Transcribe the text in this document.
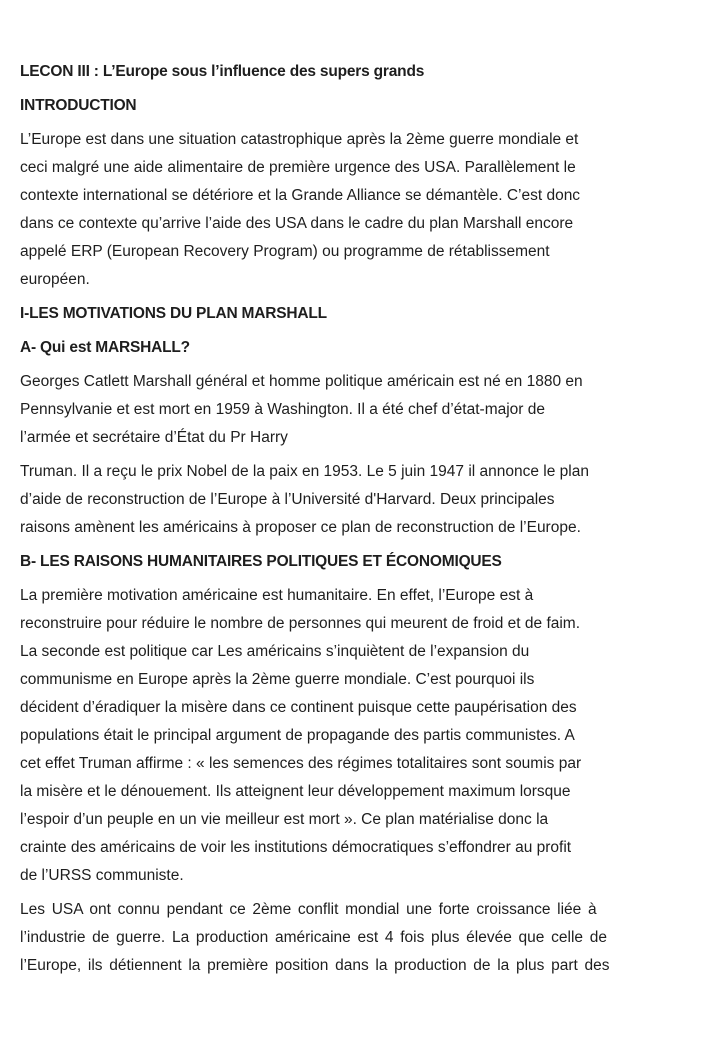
LECON III : L’Europe sous l’influence des supers grands
INTRODUCTION

L’Europe est dans une situation catastrophique après la 2ème guerre mondiale et
ceci malgré une aide alimentaire de première urgence des USA. Parallèlement le
contexte international se détériore et la Grande Alliance se démantèle. C’est donc
dans ce contexte qu’arrive l’aide des USA dans le cadre du plan Marshall encore
appelé ERP (European Recovery Program) ou programme de rétablissement
européen.

I-LES MOTIVATIONS DU PLAN MARSHALL
A- Qui est MARSHALL?

Georges Catlett Marshall général et homme politique américain est né en 1880 en
Pennsylvanie et est mort en 1959 à Washington. Il a été chef d’état-major de
l’armée et secrétaire d’État du Pr Harry

Truman. Il a reçu le prix Nobel de la paix en 1953. Le 5 juin 1947 il annonce le plan
d’aide de reconstruction de l’Europe à l’Université d'Harvard. Deux principales
raisons amènent les américains à proposer ce plan de reconstruction de l’Europe.

B- LES RAISONS HUMANITAIRES POLITIQUES ET ÉCONOMIQUES

La première motivation américaine est humanitaire. En effet, l’Europe est à
reconstruire pour réduire le nombre de personnes qui meurent de froid et de faim.
La seconde est politique car Les américains s’inquiètent de l’expansion du
communisme en Europe après la 2ème guerre mondiale. C’est pourquoi ils
décident d’éradiquer la misère dans ce continent puisque cette paupérisation des
populations était le principal argument de propagande des partis communistes. A
cet effet Truman affirme : « les semences des régimes totalitaires sont soumis par
la misère et le dénouement. Ils atteignent leur développement maximum lorsque
l’espoir d’un peuple en un vie meilleur est mort ». Ce plan matérialise donc la
crainte des américains de voir les institutions démocratiques s’effondrer au profit
de l’URSS communiste.

Les USA ont connu pendant ce 2ème conflit mondial une forte croissance liée à
l’industrie de guerre. La production américaine est 4 fois plus élevée que celle de
l’Europe, ils détiennent la première position dans la production de la plus part des
